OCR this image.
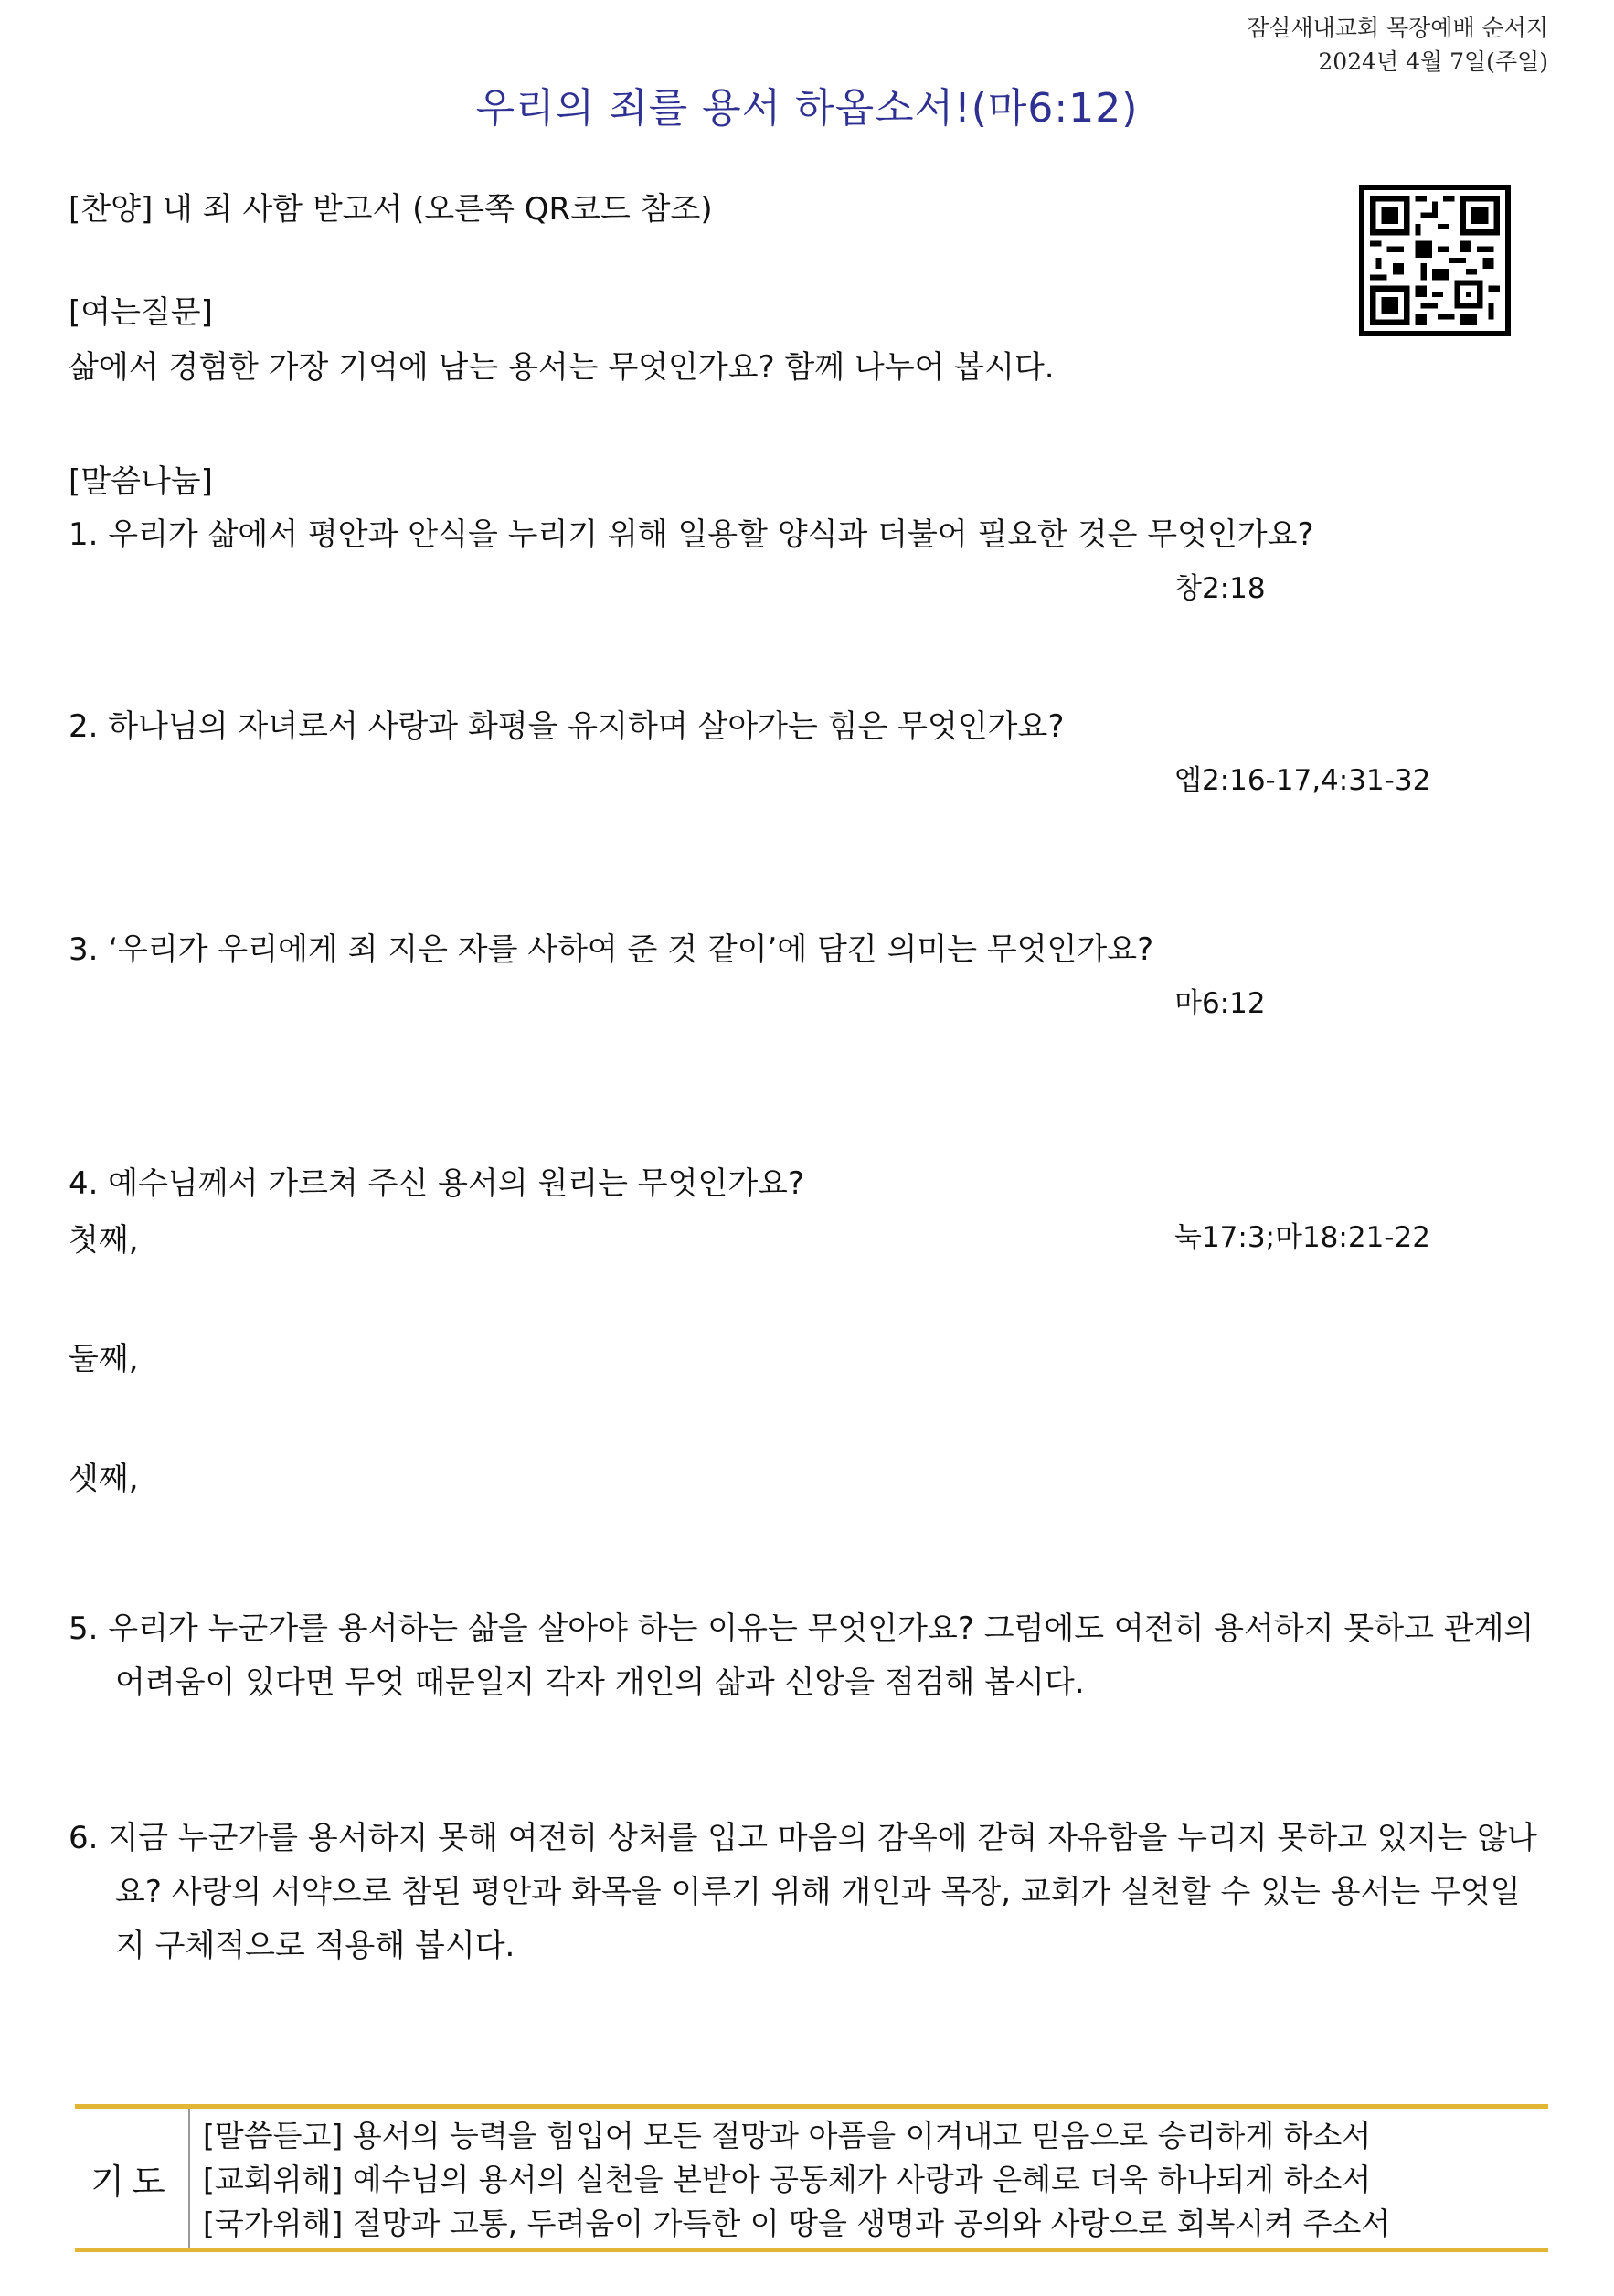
잠실새내교회 목장예배 순서지
2024년 4월 7일(주일)
우리의 죄를 용서 하옵소서!(마6:12)
[찬양] 내 죄 사함 받고서 (오른쪽 QR코드 참조)
[여는질문]
삶에서 경험한 가장 기억에 남는 용서는 무엇인가요? 함께 나누어 봅시다.
[말씀나눔]
1. 우리가 삶에서 평안과 안식을 누리기 위해 일용할 양식과 더불어 필요한 것은 무엇인가요?
창2:18
2. 하나님의 자녀로서 사랑과 화평을 유지하며 살아가는 힘은 무엇인가요?
엡2:16-17,4:31-32
3. ‘우리가 우리에게 죄 지은 자를 사하여 준 것 같이’에 담긴 의미는 무엇인가요?
마6:12
4. 예수님께서 가르쳐 주신 용서의 원리는 무엇인가요?
첫째,	눅17:3;마18:21-22
둘째,
셋째,
5. 우리가 누군가를 용서하는 삶을 살아야 하는 이유는 무엇인가요? 그럼에도 여전히 용서하지 못하고 관계의 어려움이 있다면 무엇 때문일지 각자 개인의 삶과 신앙을 점검해 봅시다.
6. 지금 누군가를 용서하지 못해 여전히 상처를 입고 마음의 감옥에 갇혀 자유함을 누리지 못하고 있지는 않나요? 사랑의 서약으로 참된 평안과 화목을 이루기 위해 개인과 목장, 교회가 실천할 수 있는 용서는 무엇일지 구체적으로 적용해 봅시다.
기도
[말씀듣고] 용서의 능력을 힘입어 모든 절망과 아픔을 이겨내고 믿음으로 승리하게 하소서
[교회위해] 예수님의 용서의 실천을 본받아 공동체가 사랑과 은혜로 더욱 하나되게 하소서
[국가위해] 절망과 고통, 두려움이 가득한 이 땅을 생명과 공의와 사랑으로 회복시켜 주소서
